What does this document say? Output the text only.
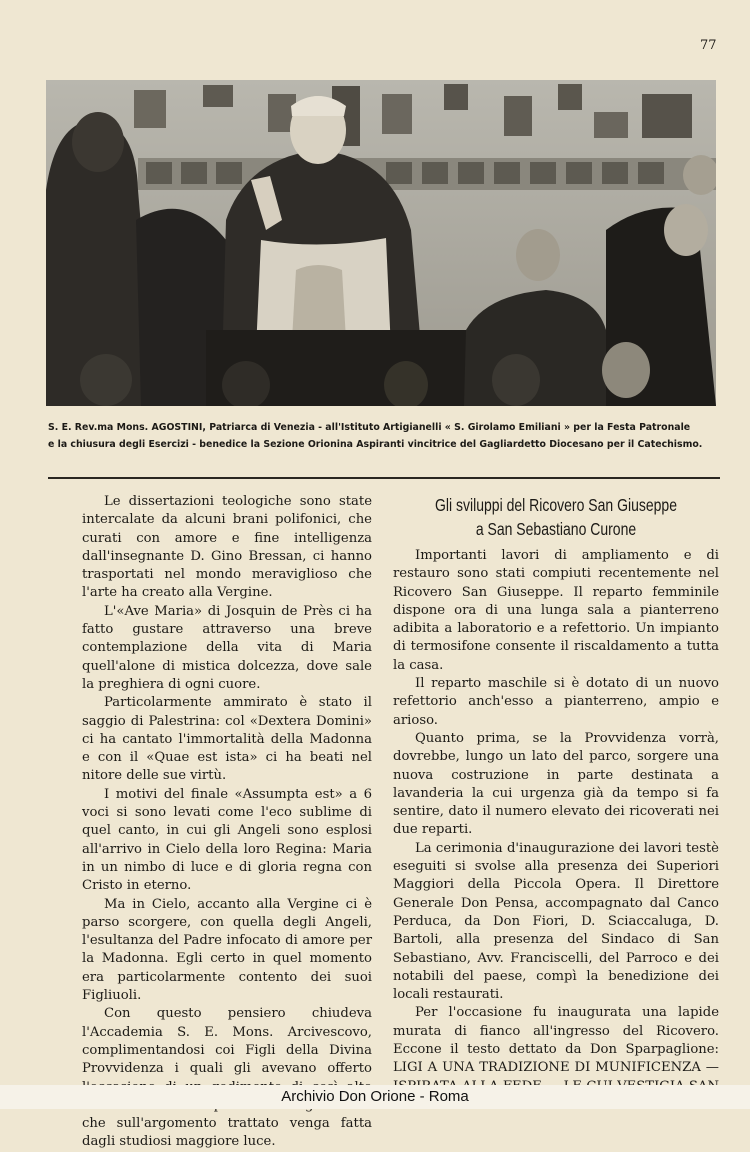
77
S. E. Rev.ma Mons. AGOSTINI, Patriarca di Venezia - all'Istituto Artigianelli « S. Girolamo Emiliani » per la Festa Patronale
e la chiusura degli Esercizi - benedice la Sezione Orionina Aspiranti vincitrice del Gagliardetto Diocesano per il Catechismo.

Le dissertazioni teologiche sono state intercalate da alcuni brani polifonici, che curati con amore e fine intelligenza dall'insegnante D. Gino Bressan, ci hanno trasportati nel mondo meraviglioso che l'arte ha creato alla Vergine.

L'«Ave Maria» di Josquin de Près ci ha fatto gustare attraverso una breve contemplazione della vita di Maria quell'alone di mistica dolcezza, dove sale la preghiera di ogni cuore.

Particolarmente ammirato è stato il saggio di Palestrina: col «Dextera Domini» ci ha cantato l'immortalità della Madonna e con il «Quae est ista» ci ha beati nel nitore delle sue virtù.

I motivi del finale «Assumpta est» a 6 voci si sono levati come l'eco sublime di quel canto, in cui gli Angeli sono esplosi all'arrivo in Cielo della loro Regina: Maria in un nimbo di luce e di gloria regna con Cristo in eterno.

Ma in Cielo, accanto alla Vergine ci è parso scorgere, con quella degli Angeli, l'esultanza del Padre infocato di amore per la Madonna. Egli certo in quel momento era particolarmente contento dei suoi Figliuoli.

Con questo pensiero chiudeva l'Accademia S. E. Mons. Arcivescovo, complimentandosi coi Figli della Divina Provvidenza i quali gli avevano offerto che sull'argomento trattato venga fatta dagli studiosi maggiore luce.

Gli sviluppi del Ricovero San Giuseppe
a San Sebastiano Curone

Importanti lavori di ampliamento e di restauro sono stati compiuti recentemente nel Ricovero San Giuseppe. Il reparto femminile dispone ora di una lunga sala a pianterreno adibita a laboratorio e a refettorio. Un impianto di termosifone consente il riscaldamento a tutta la casa.

Il reparto maschile si è dotato di un nuovo refettorio anch'esso a pianterreno, ampio e arioso.

Quanto prima, se la Provvidenza vorrà, dovrebbe, lungo un lato del parco, sorgere una nuova costruzione in parte destinata a lavanderia la cui urgenza già da tempo si fa sentire, dato il numero elevato dei ricoverati nei due reparti.

La cerimonia d'inaugurazione dei lavori testè eseguiti si svolse alla presenza dei Superiori Maggiori della Piccola Opera. Il Direttore Generale Don Pensa, accompagnato dal Canco Perduca, da Don Fiori, D. Sciaccaluga, D. Bartoli, alla presenza del Sindaco di San Sebastiano, Avv. Franciscelli, del Parroco e dei notabili del paese, compì la benedizione dei locali restaurati.

Per l'occasione fu inaugurata una lapide murata di fianco all'ingresso del Ricovero. Eccone il testo dettato da Don Sparpaglione: LIGI A UNA TRADIZIONE DI MUNIFICENZA —

Archivio Don Orione - Roma
